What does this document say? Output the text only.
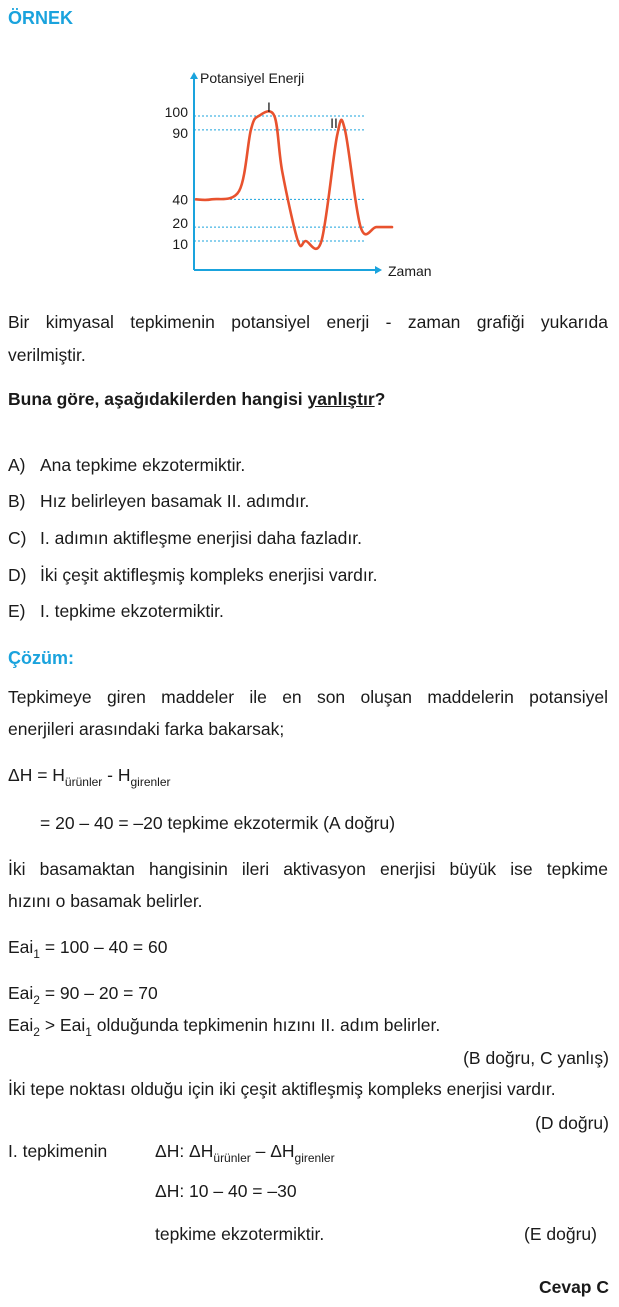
ÖRNEK
100
90
40
20
10
Potansiyel Enerji
Zaman
I
II
Bir kimyasal tepkimenin potansiyel enerji - zaman grafiği yukarıda
verilmiştir.
Buna göre, aşağıdakilerden hangisi yanlıştır?
A) Ana tepkime ekzotermiktir.
B) Hız belirleyen basamak II. adımdır.
C) I. adımın aktifleşme enerjisi daha fazladır.
D) İki çeşit aktifleşmiş kompleks enerjisi vardır.
E) I. tepkime ekzotermiktir.
Çözüm:
Tepkimeye giren maddeler ile en son oluşan maddelerin potansiyel
enerjileri arasındaki farka bakarsak;
$\Delta H = H_{ürünler} - H_{girenler}$
= 20 – 40 = –20 tepkime ekzotermik (A doğru)
İki basamaktan hangisinin ileri aktivasyon enerjisi büyük ise tepkime
hızını o basamak belirler.
Eai$_1$ = 100 – 40 = 60
Eai$_2$ = 90 – 20 = 70
Eai$_2$ > Eai$_1$ olduğunda tepkimenin hızını II. adım belirler.
(B doğru, C yanlış)
İki tepe noktası olduğu için iki çeşit aktifleşmiş kompleks enerjisi vardır.
(D doğru)
I. tepkimenin	ΔH: $\Delta H_{ürünler} - \Delta H_{girenler}$
ΔH: 10 – 40 = –30
tepkime ekzotermiktir.	(E doğru)
Cevap C
